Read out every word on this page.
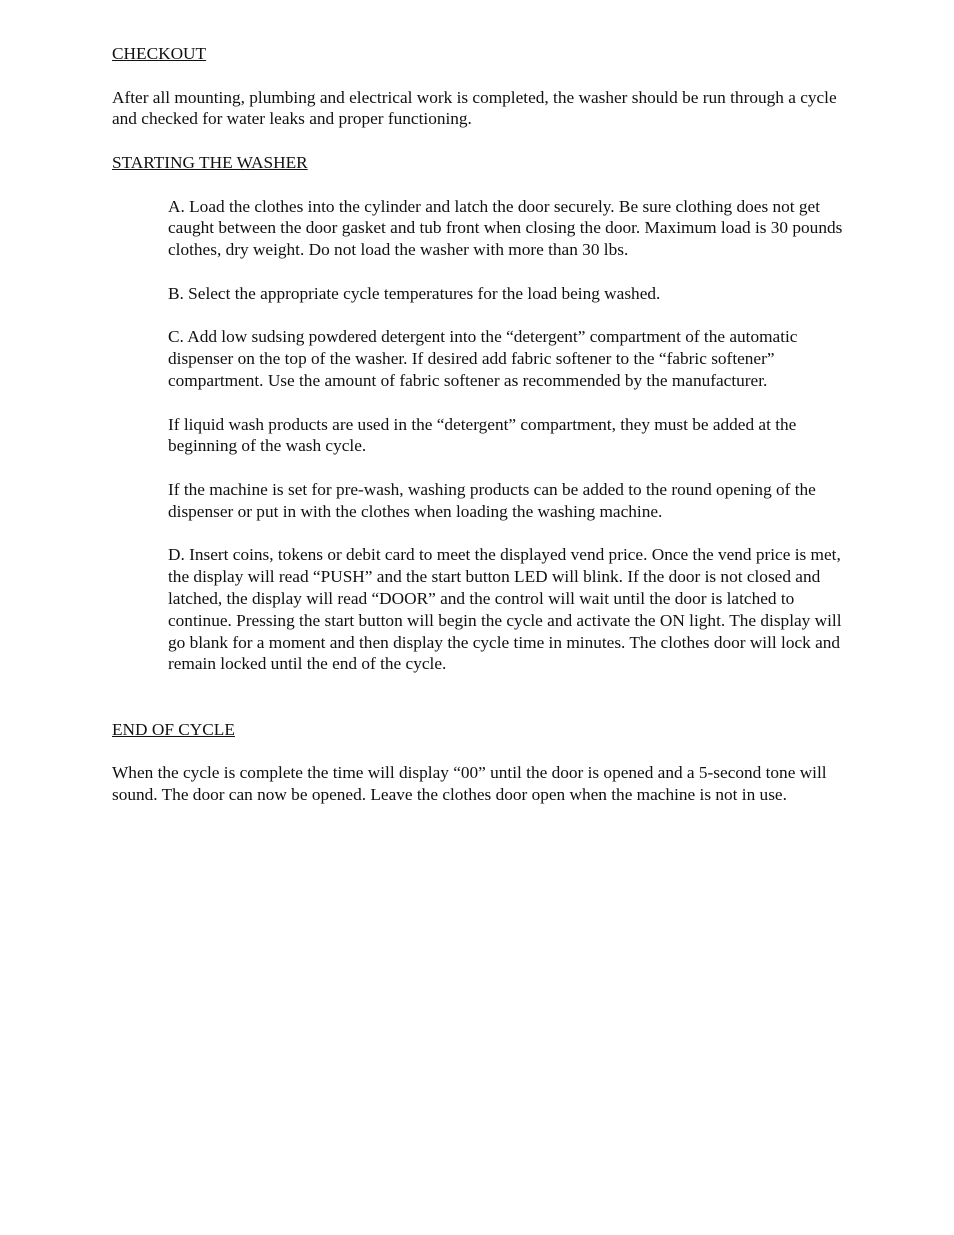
CHECKOUT
After all mounting, plumbing and electrical work is completed, the washer should be run through a cycle and checked for water leaks and proper functioning.
STARTING THE WASHER
A. Load the clothes into the cylinder and latch the door securely. Be sure clothing does not get caught between the door gasket and tub front when closing the door. Maximum load is 30 pounds clothes, dry weight. Do not load the washer with more than 30 lbs.
B. Select the appropriate cycle temperatures for the load being washed.
C. Add low sudsing powdered detergent into the “detergent” compartment of the automatic dispenser on the top of the washer. If desired add fabric softener to the “fabric softener” compartment. Use the amount of fabric softener as recommended by the manufacturer.
If liquid wash products are used in the “detergent” compartment, they must be added at the beginning of the wash cycle.
If the machine is set for pre-wash, washing products can be added to the round opening of the dispenser or put in with the clothes when loading the washing machine.
D. Insert coins, tokens or debit card to meet the displayed vend price. Once the vend price is met, the display will read “PUSH” and the start button LED will blink. If the door is not closed and latched, the display will read “DOOR” and the control will wait until the door is latched to continue. Pressing the start button will begin the cycle and activate the ON light. The display will go blank for a moment and then display the cycle time in minutes. The clothes door will lock and remain locked until the end of the cycle.
END OF CYCLE
When the cycle is complete the time will display “00” until the door is opened and a 5-second tone will sound. The door can now be opened. Leave the clothes door open when the machine is not in use.
